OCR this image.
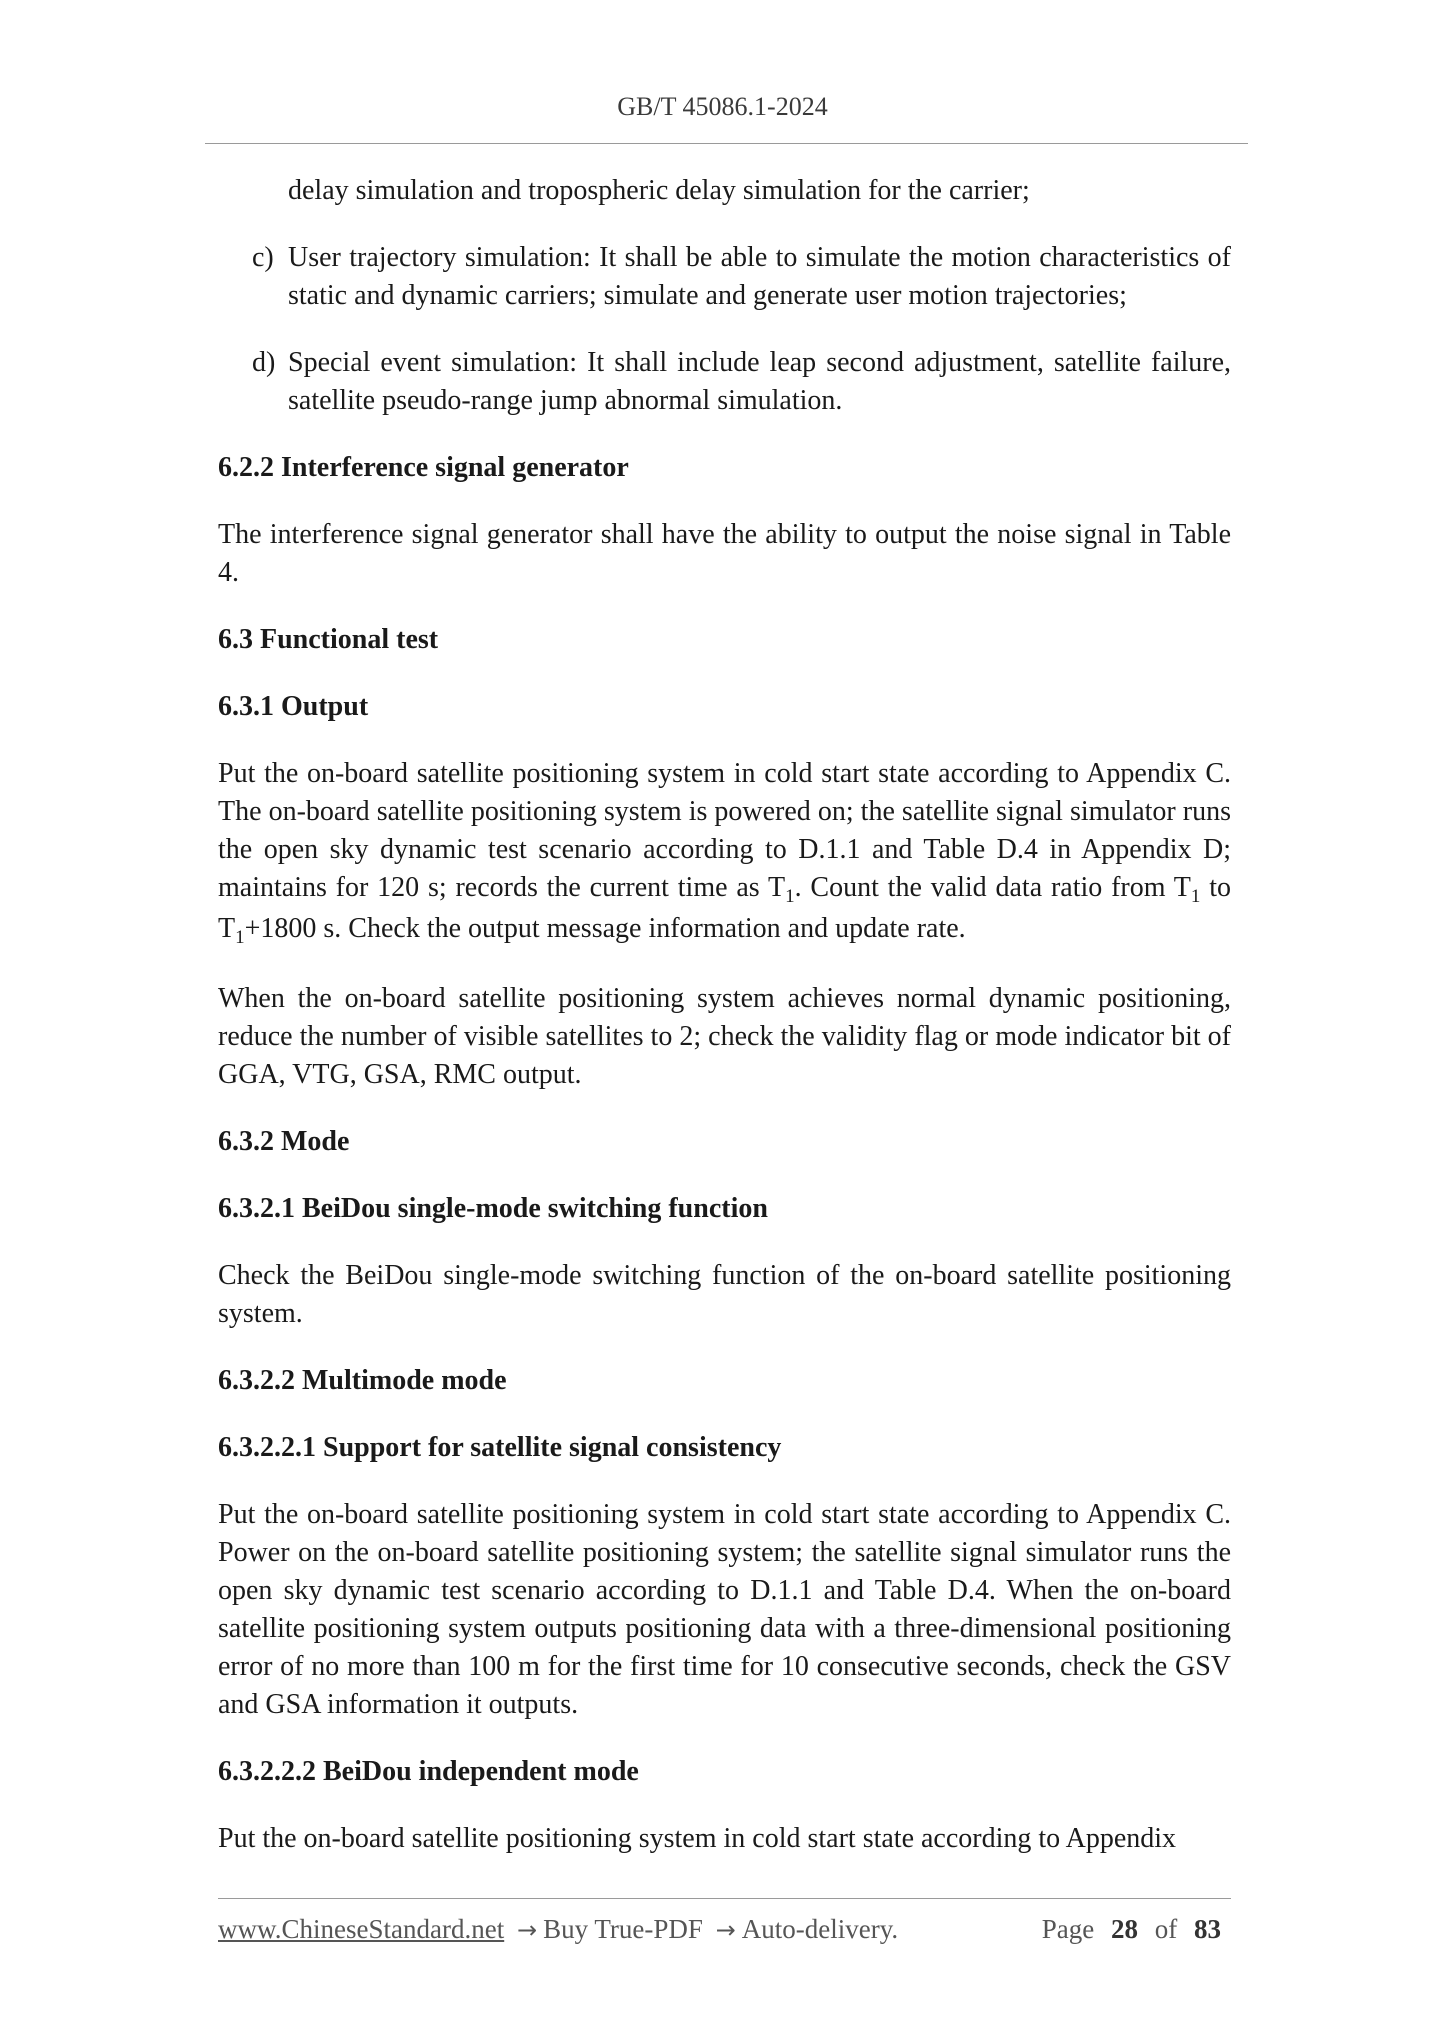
GB/T 45086.1-2024

delay simulation and tropospheric delay simulation for the carrier;

c) User trajectory simulation: It shall be able to simulate the motion characteristics of static and dynamic carriers; simulate and generate user motion trajectories;
d) Special event simulation: It shall include leap second adjustment, satellite failure, satellite pseudo-range jump abnormal simulation.
6.2.2 Interference signal generator

The interference signal generator shall have the ability to output the noise signal in Table 4.

6.3 Functional test
6.3.1 Output

Put the on-board satellite positioning system in cold start state according to Appendix C. The on-board satellite positioning system is powered on; the satellite signal simulator runs the open sky dynamic test scenario according to D.1.1 and Table D.4 in Appendix D; maintains for 120 s; records the current time as $T_1$. Count the valid data ratio from $T_1$ to $T_1+1800$ s. Check the output message information and update rate.

When the on-board satellite positioning system achieves normal dynamic positioning, reduce the number of visible satellites to 2; check the validity flag or mode indicator bit of GGA, VTG, GSA, RMC output.

6.3.2 Mode
6.3.2.1 BeiDou single-mode switching function

Check the BeiDou single-mode switching function of the on-board satellite positioning system.

6.3.2.2 Multimode mode
6.3.2.2.1 Support for satellite signal consistency

Put the on-board satellite positioning system in cold start state according to Appendix C. Power on the on-board satellite positioning system; the satellite signal simulator runs the open sky dynamic test scenario according to D.1.1 and Table D.4. When the on-board satellite positioning system outputs positioning data with a three-dimensional positioning error of no more than 100 m for the first time for 10 consecutive seconds, check the GSV and GSA information it outputs.

6.3.2.2.2 BeiDou independent mode

Put the on-board satellite positioning system in cold start state according to Appendix

www.ChineseStandard.net → Buy True-PDF → Auto-delivery.	Page 28 of 83
